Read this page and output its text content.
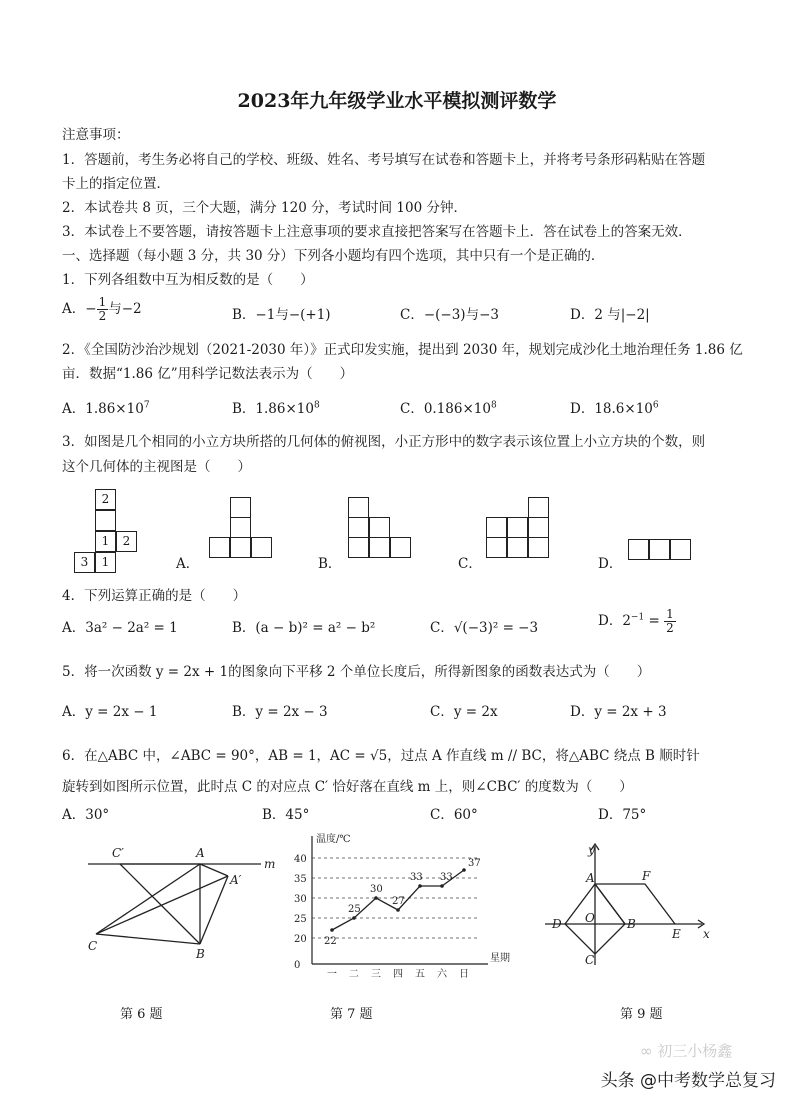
2023年九年级学业水平模拟测评数学
注意事项：
1．答题前，考生务必将自己的学校、班级、姓名、考号填写在试卷和答题卡上，并将考号条形码粘贴在答题
卡上的指定位置．
2．本试卷共 8 页，三个大题，满分 120 分，考试时间 100 分钟．
3．本试卷上不要答题，请按答题卡上注意事项的要求直接把答案写在答题卡上．答在试卷上的答案无效．
一、选择题（每小题 3 分，共 30 分）下列各小题均有四个选项，其中只有一个是正确的．
1．下列各组数中互为相反数的是（　　）
A．− $\frac{1}{2}$ 与−2	B．−1与−(+1)	C．−(−3)与−3	D．2 与|−2|
2．《全国防沙治沙规划（2021-2030 年）》正式印发实施，提出到 2030 年，规划完成沙化土地治理任务 1.86 亿
亩．数据“1.86 亿”用科学记数法表示为（　　）
A．$1.86\times 10^7$	B．$1.86\times 10^8$	C．$0.186\times 10^8$	D．$18.6\times 10^6$
3．如图是几个相同的小立方块所搭的几何体的俯视图，小正方形中的数字表示该位置上小立方块的个数，则
这个几何体的主视图是（　　）
2
1	2
3	1	A．	B．	C．	D．
4．下列运算正确的是（　　）
A．3a² − 2a² = 1	B．(a − b)² = a² − b²	C．√(−3)² = −3	D．$2^{-1} = \frac{1}{2}$
5．将一次函数 y = 2x + 1的图象向下平移 2 个单位长度后，所得新图象的函数表达式为（　　）
A．y = 2x − 1	B．y = 2x − 3	C．y = 2x	D．y = 2x + 3
6．在△ABC 中，∠ABC = 90°，AB = 1，AC = √5，过点 A 作直线 m // BC，将△ABC 绕点 B 顺时针
旋转到如图所示位置，此时点 C 的对应点 C′ 恰好落在直线 m 上，则∠CBC′ 的度数为（　　）
A．30°	B．45°	C．60°	D．75°
C′	A
m
A′
C
B
第 6 题
温度/℃
星期
40
35
30
25
20
0
一 二 三 四 五 六 日
22
25
30
27
33 33
37
第 7 题
y
A	F
D O	B
E x
C
第 9 题
∞ 初三小杨鑫
头条 @中考数学总复习
